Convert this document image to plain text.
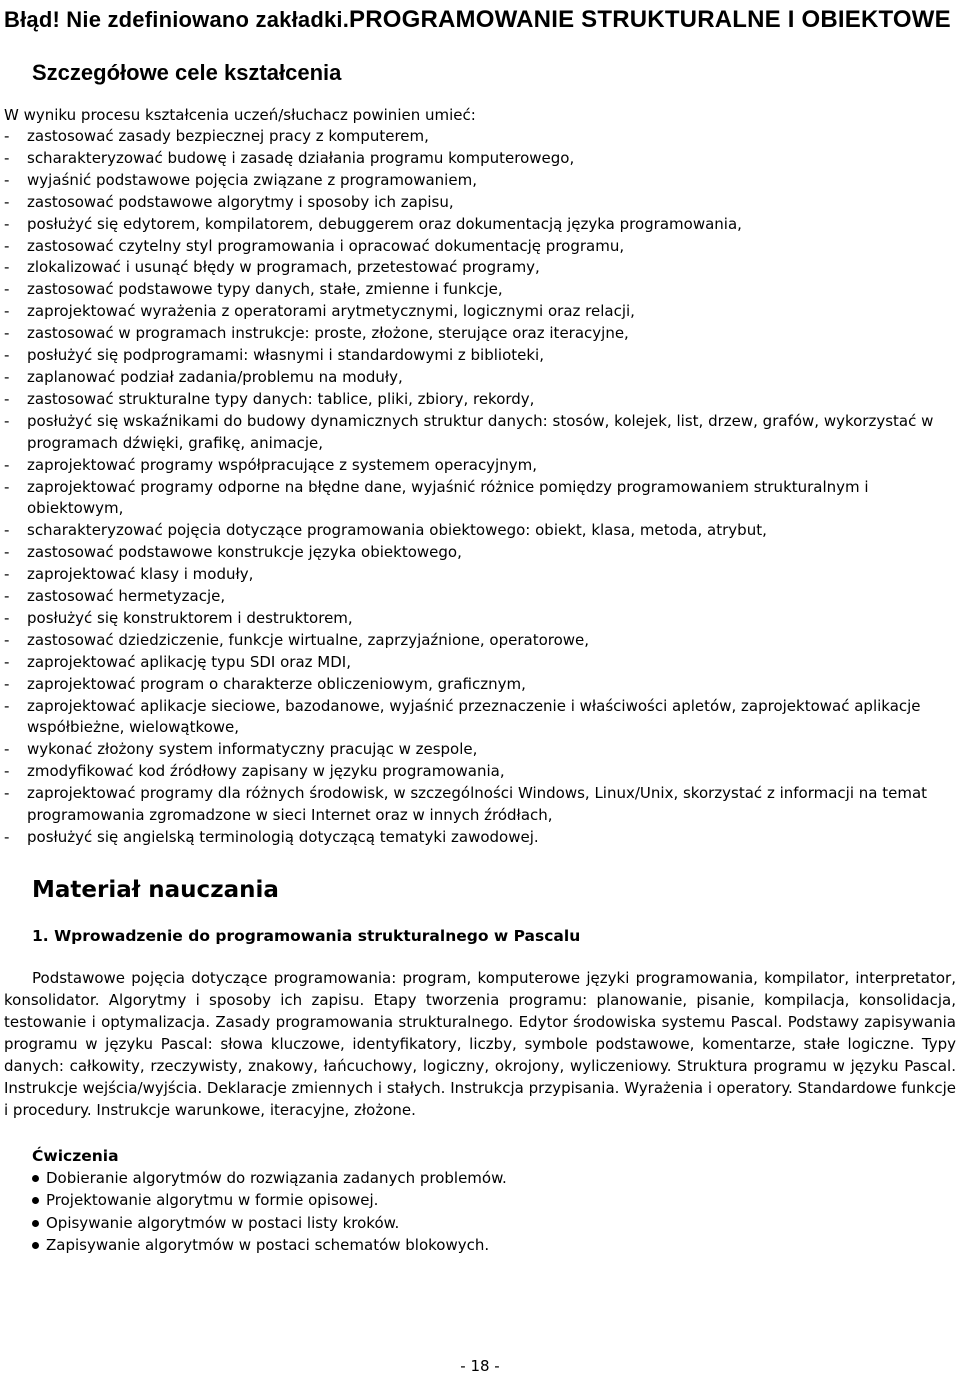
Błąd! Nie zdefiniowano zakładki.PROGRAMOWANIE STRUKTURALNE I OBIEKTOWE
Szczegółowe cele kształcenia
W wyniku procesu kształcenia uczeń/słuchacz powinien umieć:
- zastosować zasady bezpiecznej pracy z komputerem,
- scharakteryzować budowę i zasadę działania programu komputerowego,
- wyjaśnić podstawowe pojęcia związane z programowaniem,
- zastosować podstawowe algorytmy i sposoby ich zapisu,
- posłużyć się edytorem, kompilatorem, debuggerem oraz dokumentacją języka programowania,
- zastosować czytelny styl programowania i opracować dokumentację programu,
- zlokalizować i usunąć błędy w programach, przetestować programy,
- zastosować podstawowe typy danych, stałe, zmienne i funkcje,
- zaprojektować wyrażenia z operatorami arytmetycznymi, logicznymi oraz relacji,
- zastosować w programach instrukcje: proste, złożone, sterujące oraz iteracyjne,
- posłużyć się podprogramami: własnymi i standardowymi z biblioteki,
- zaplanować podział zadania/problemu na moduły,
- zastosować strukturalne typy danych: tablice, pliki, zbiory, rekordy,
- posłużyć się wskaźnikami do budowy dynamicznych struktur danych: stosów, kolejek, list, drzew, grafów, wykorzystać w programach dźwięki, grafikę, animacje,
- zaprojektować programy współpracujące z systemem operacyjnym,
- zaprojektować programy odporne na błędne dane, wyjaśnić różnice pomiędzy programowaniem strukturalnym i obiektowym,
- scharakteryzować pojęcia dotyczące programowania obiektowego: obiekt, klasa, metoda, atrybut,
- zastosować podstawowe konstrukcje języka obiektowego,
- zaprojektować klasy i moduły,
- zastosować hermetyzacje,
- posłużyć się konstruktorem i destruktorem,
- zastosować dziedziczenie, funkcje wirtualne, zaprzyjaźnione, operatorowe,
- zaprojektować aplikację typu SDI oraz MDI,
- zaprojektować program o charakterze obliczeniowym, graficznym,
- zaprojektować aplikacje sieciowe, bazodanowe, wyjaśnić przeznaczenie i właściwości apletów, zaprojektować aplikacje współbieżne, wielowątkowe,
- wykonać złożony system informatyczny pracując w zespole,
- zmodyfikować kod źródłowy zapisany w języku programowania,
- zaprojektować programy dla różnych środowisk, w szczególności Windows, Linux/Unix, skorzystać z informacji na temat programowania zgromadzone w sieci Internet oraz w innych źródłach,
- posłużyć się angielską terminologią dotyczącą tematyki zawodowej.
Materiał nauczania
1. Wprowadzenie do programowania strukturalnego w Pascalu
Podstawowe pojęcia dotyczące programowania: program, komputerowe języki programowania, kompilator, interpretator, konsolidator. Algorytmy i sposoby ich zapisu. Etapy tworzenia programu: planowanie, pisanie, kompilacja, konsolidacja, testowanie i optymalizacja. Zasady programowania strukturalnego. Edytor środowiska systemu Pascal. Podstawy zapisywania programu w języku Pascal: słowa kluczowe, identyfikatory, liczby, symbole podstawowe, komentarze, stałe logiczne. Typy danych: całkowity, rzeczywisty, znakowy, łańcuchowy, logiczny, okrojony, wyliczeniowy. Struktura programu w języku Pascal. Instrukcje wejścia/wyjścia. Deklaracje zmiennych i stałych. Instrukcja przypisania. Wyrażenia i operatory. Standardowe funkcje i procedury. Instrukcje warunkowe, iteracyjne, złożone.
Ćwiczenia
Dobieranie algorytmów do rozwiązania zadanych problemów.
Projektowanie algorytmu w formie opisowej.
Opisywanie algorytmów w postaci listy kroków.
Zapisywanie algorytmów w postaci schematów blokowych.
- 18 -
